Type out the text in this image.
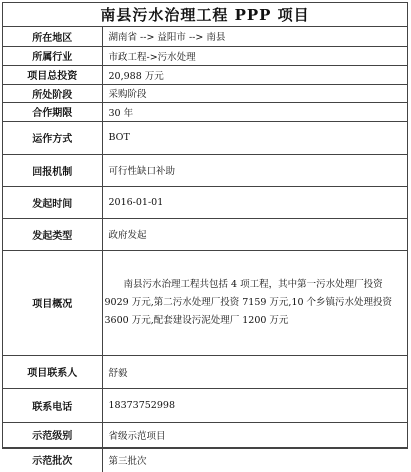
南县污水治理工程 PPP 项目
所在地区	湖南省 --> 益阳市 --> 南县
所属行业	市政工程->污水处理
项目总投资	20,988 万元
所处阶段	采购阶段
合作期限	30 年
运作方式	BOT
回报机制	可行性缺口补助
发起时间	2016-01-01
发起类型	政府发起
项目概况	南县污水治理工程共包括 4 项工程，其中第一污水处理厂投资 9029 万元,第二污水处理厂投资 7159 万元,10 个乡镇污水处理投资 3600 万元,配套建设污泥处理厂 1200 万元

项目联系人	舒毅
联系电话	18373752998
示范级别	省级示范项目
示范批次	第三批次
